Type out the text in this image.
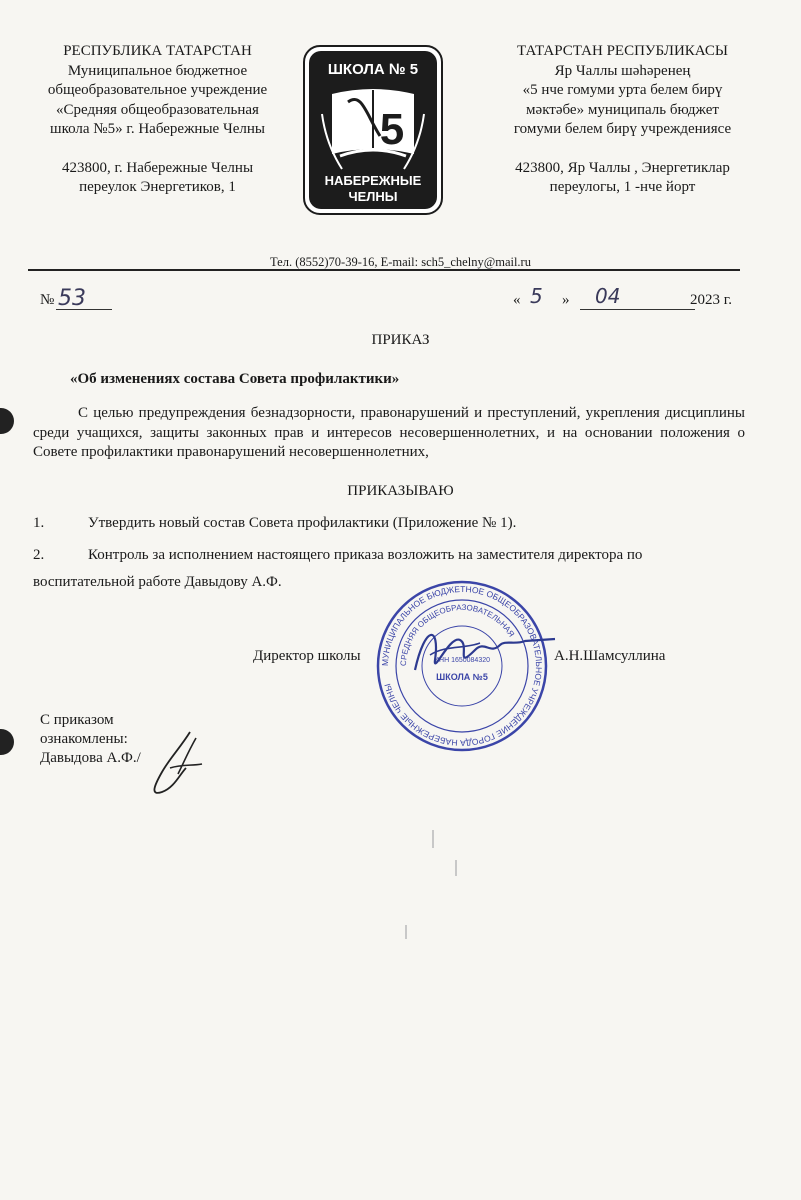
РЕСПУБЛИКА ТАТАРСТАН
Муниципальное бюджетное
общеобразовательное учреждение
«Средняя общеобразовательная
школа №5» г. Набережные Челны
423800, г. Набережные Челны
переулок Энергетиков, 1
ШКОЛА № 5
5
НАБЕРЕЖНЫЕ
ЧЕЛНЫ
ТАТАРСТАН РЕСПУБЛИКАСЫ
Яр Чаллы шәһәренең
«5 нче гомуми урта белем бирү
мәктәбе» муниципаль бюджет
гомуми белем бирү учреждениясе
423800, Яр Чаллы , Энергетиклар
переулогы, 1 -нче йорт
Тел. (8552)70-39-16, E-mail: sch5_chelny@mail.ru
№ 53	« 5 » 04	2023 г.
ПРИКАЗ
«Об изменениях состава Совета профилактики»
С целью предупреждения безнадзорности, правонарушений и преступлений, укрепления дисциплины среди учащихся, защиты законных прав и интересов несовершеннолетних, и на основании положения о Совете профилактики правонарушений несовершеннолетних,
ПРИКАЗЫВАЮ
1.	Утвердить новый состав Совета профилактики (Приложение № 1).
2.	Контроль за исполнением настоящего приказа возложить на заместителя директора по воспитательной работе Давыдову А.Ф.
МУНИЦИПАЛЬНОЕ БЮДЖЕТНОЕ ОБЩЕОБРАЗОВАТЕЛЬНОЕ УЧРЕЖДЕНИЕ ГОРОДА НАБЕРЕЖНЫЕ ЧЕЛНЫ
СРЕДНЯЯ ОБЩЕОБРАЗОВАТЕЛЬНАЯ
ИНН 1650084320
ШКОЛА №5
Директор школы	А.Н.Шамсуллина
С приказом
ознакомлены:
Давыдова А.Ф./
